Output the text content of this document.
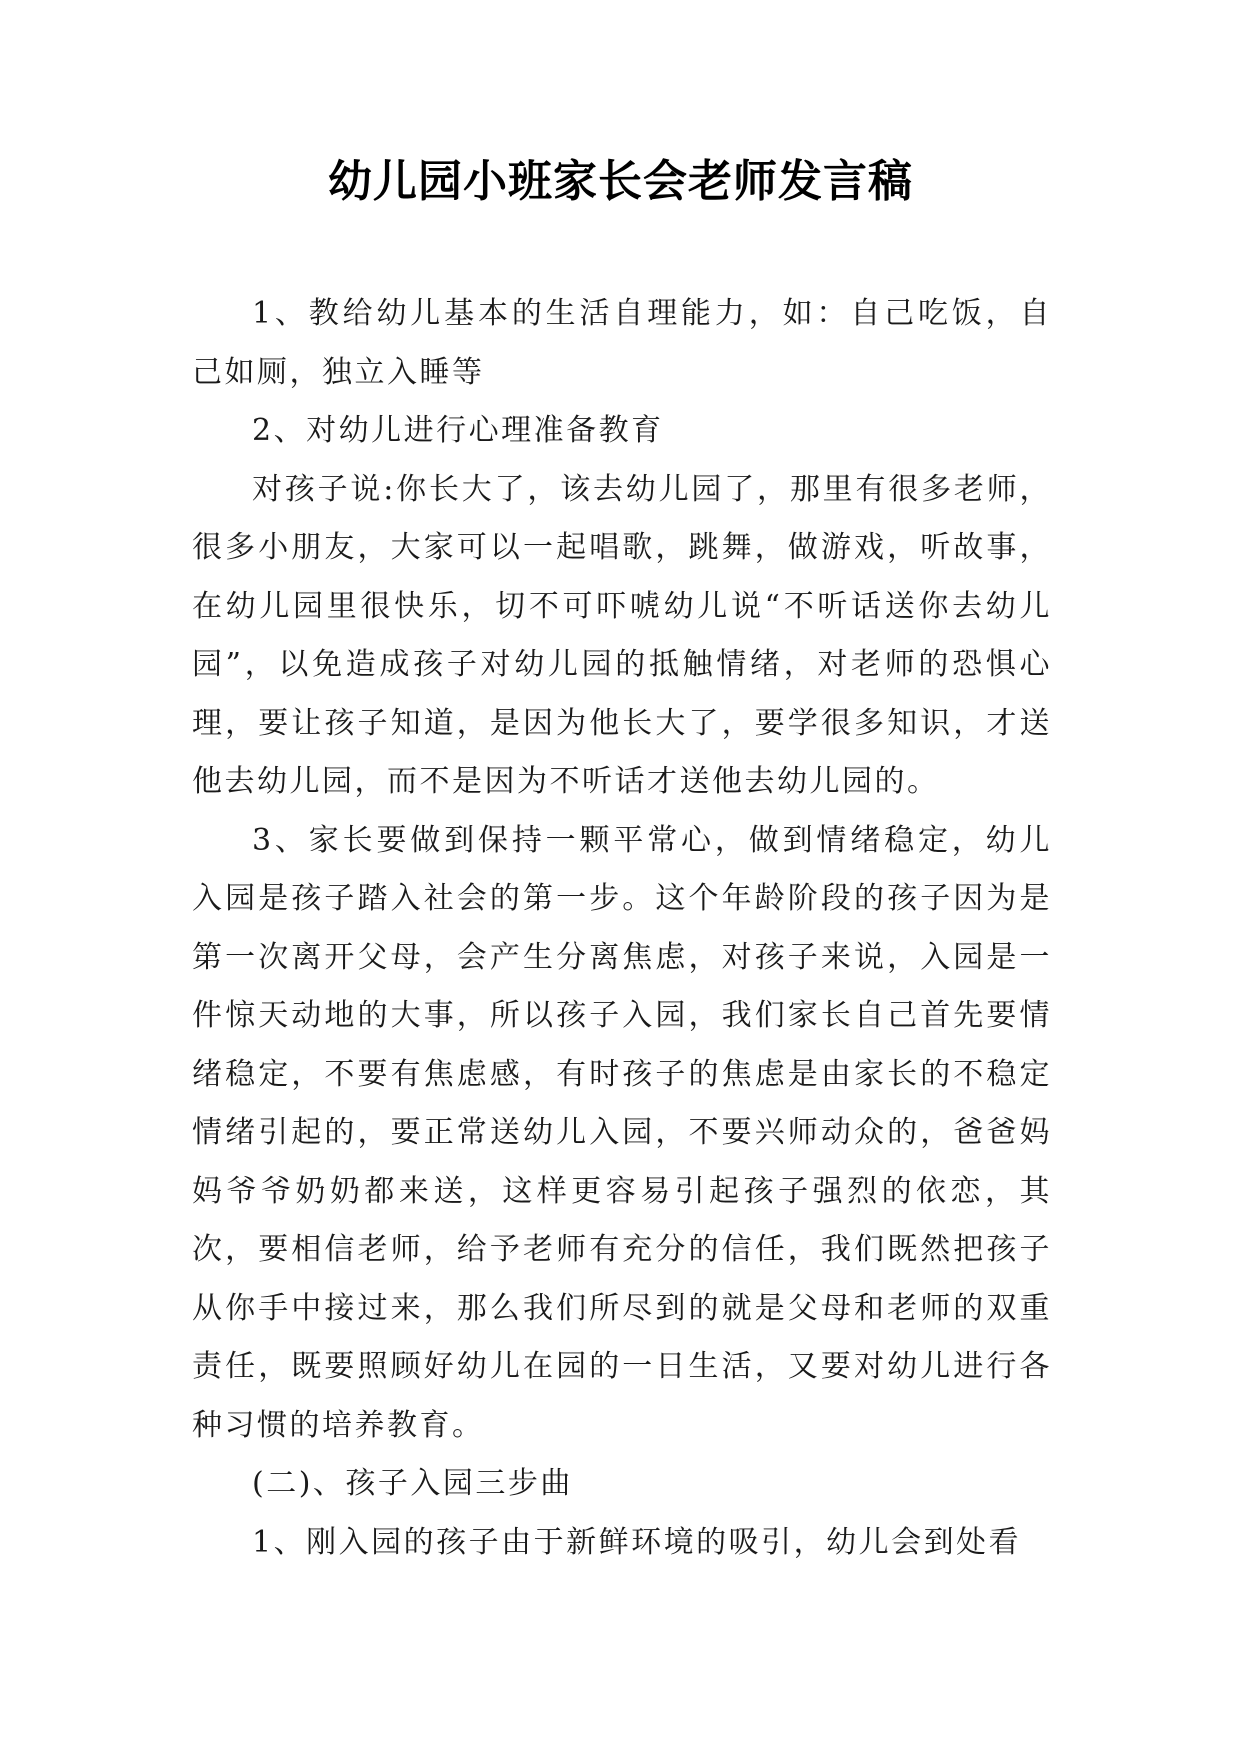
幼儿园小班家长会老师发言稿

1、教给幼儿基本的生活自理能力，如：自己吃饭，自己如厕，独立入睡等

2、对幼儿进行心理准备教育

对孩子说:你长大了，该去幼儿园了，那里有很多老师，很多小朋友，大家可以一起唱歌，跳舞，做游戏，听故事，在幼儿园里很快乐，切不可吓唬幼儿说“不听话送你去幼儿园”，以免造成孩子对幼儿园的抵触情绪，对老师的恐惧心理，要让孩子知道，是因为他长大了，要学很多知识，才送他去幼儿园，而不是因为不听话才送他去幼儿园的。

3、家长要做到保持一颗平常心，做到情绪稳定，幼儿入园是孩子踏入社会的第一步。这个年龄阶段的孩子因为是第一次离开父母，会产生分离焦虑，对孩子来说，入园是一件惊天动地的大事，所以孩子入园，我们家长自己首先要情绪稳定，不要有焦虑感，有时孩子的焦虑是由家长的不稳定情绪引起的，要正常送幼儿入园，不要兴师动众的，爸爸妈妈爷爷奶奶都来送，这样更容易引起孩子强烈的依恋，其次，要相信老师，给予老师有充分的信任，我们既然把孩子从你手中接过来，那么我们所尽到的就是父母和老师的双重责任，既要照顾好幼儿在园的一日生活，又要对幼儿进行各种习惯的培养教育。

(二)、孩子入园三步曲

1、刚入园的孩子由于新鲜环境的吸引，幼儿会到处看
